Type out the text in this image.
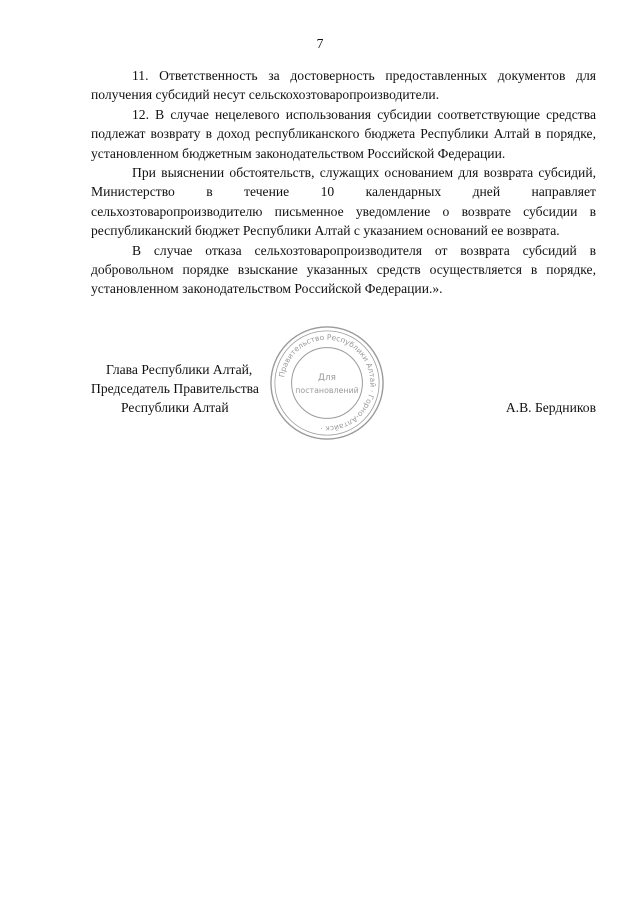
7

11. Ответственность за достоверность предоставленных документов для получения субсидий несут сельскохозтоваропроизводители.

12. В случае нецелевого использования субсидии соответствующие средства подлежат возврату в доход республиканского бюджета Республики Алтай в порядке, установленном бюджетным законодательством Российской Федерации.

При выяснении обстоятельств, служащих основанием для возврата субсидий, Министерство в течение 10 календарных дней направляет сельхозтоваропроизводителю письменное уведомление о возврате субсидии в республиканский бюджет Республики Алтай с указанием оснований ее возврата.

В случае отказа сельхозтоваропроизводителя от возврата субсидий в добровольном порядке взыскание указанных средств осуществляется в порядке, установленном законодательством Российской Федерации.».

Глава Республики Алтай,
Председатель Правительства
Республики Алтай	А.В. Бердников
Правительство Республики Алтай · Горно-Алтайск ·
Для
постановлений
